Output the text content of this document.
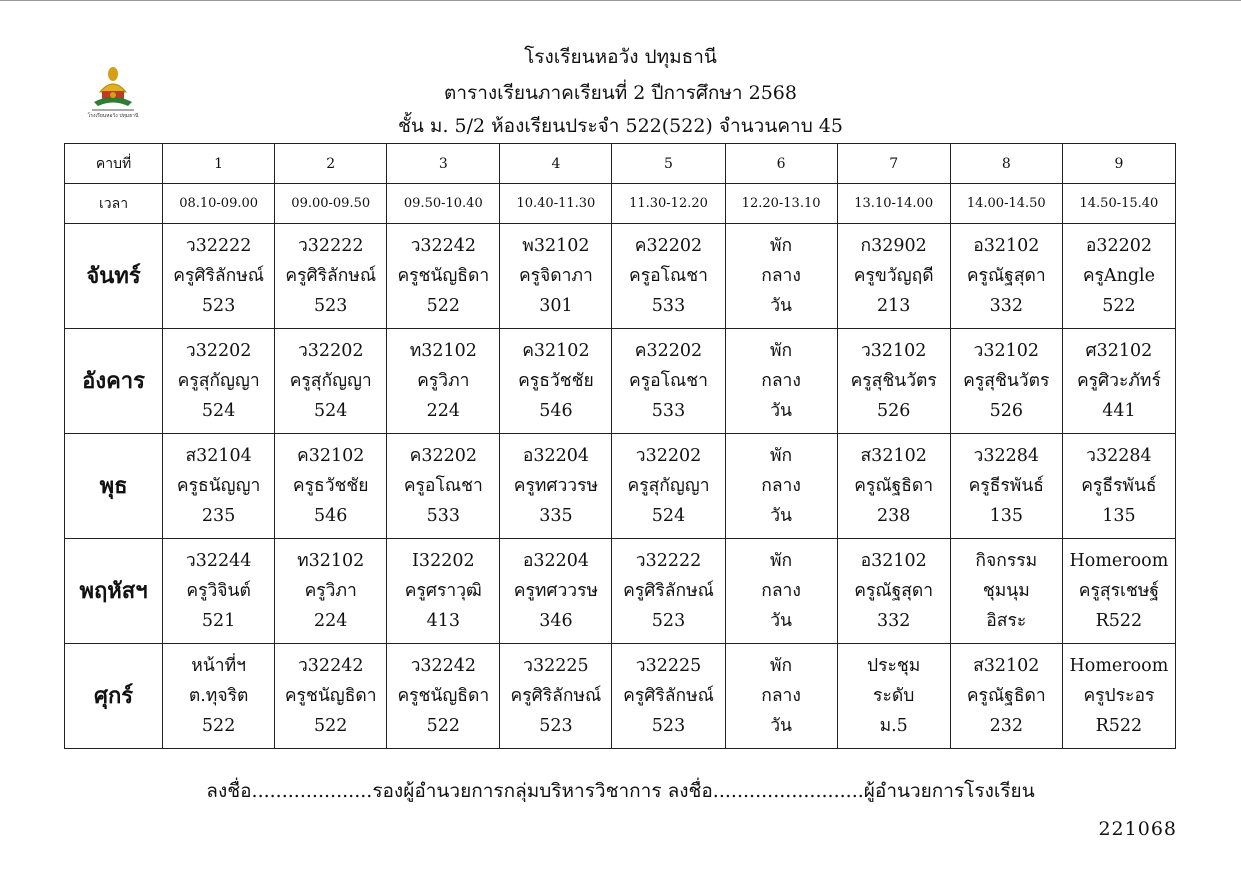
โรงเรียนหอวัง ปทุมธานี
โรงเรียนหอวัง ปทุมธานี
ตารางเรียนภาคเรียนที่ 2 ปีการศึกษา 2568
ชั้น ม. 5/2 ห้องเรียนประจำ 522(522) จำนวนคาบ 45
คาบที่	1	2	3	4	5	6	7	8	9
เวลา	08.10-09.00	09.00-09.50	09.50-10.40	10.40-11.30	11.30-12.20	12.20-13.10	13.10-14.00	14.00-14.50	14.50-15.40
จันทร์	ว32222
ครูศิริลักษณ์
523	ว32222
ครูศิริลักษณ์
523	ว32242
ครูชนัญธิดา
522	พ32102
ครูจิดาภา
301	ค32202
ครูอโณชา
533	พัก
กลาง
วัน	ก32902
ครูขวัญฤดี
213	อ32102
ครูณัฐสุดา
332	อ32202
ครูAngle
522

อังคาร	ว32202
ครูสุกัญญา
524	ว32202
ครูสุกัญญา
524	ท32102
ครูวิภา
224	ค32102
ครูธวัชชัย
546	ค32202
ครูอโณชา
533	พัก
กลาง
วัน	ว32102
ครูสุชินวัตร
526	ว32102
ครูสุชินวัตร
526	ศ32102
ครูศิวะภัทร์
441

พุธ	ส32104
ครูธนัญญา
235	ค32102
ครูธวัชชัย
546	ค32202
ครูอโณชา
533	อ32204
ครูทศววรษ
335	ว32202
ครูสุกัญญา
524	พัก
กลาง
วัน	ส32102
ครูณัฐธิดา
238	ว32284
ครูธีรพันธ์
135	ว32284
ครูธีรพันธ์
135

พฤหัสฯ	ว32244
ครูวิจินต์
521	ท32102
ครูวิภา
224	I32202
ครูศราวุฒิ
413	อ32204
ครูทศววรษ
346	ว32222
ครูศิริลักษณ์
523	พัก
กลาง
วัน	อ32102
ครูณัฐสุดา
332	กิจกรรม
ชุมนุม
อิสระ	Homeroom
ครูสุรเชษฐ์
R522

ศุกร์	หน้าที่ฯ
ต.ทุจริต
522	ว32242
ครูชนัญธิดา
522	ว32242
ครูชนัญธิดา
522	ว32225
ครูศิริลักษณ์
523	ว32225
ครูศิริลักษณ์
523	พัก
กลาง
วัน	ประชุม
ระดับ
ม.5	ส32102
ครูณัฐธิดา
232	Homeroom
ครูประอร
R522
ลงชื่อ....................รองผู้อำนวยการกลุ่มบริหารวิชาการ ลงชื่อ.........................ผู้อำนวยการโรงเรียน
221068
